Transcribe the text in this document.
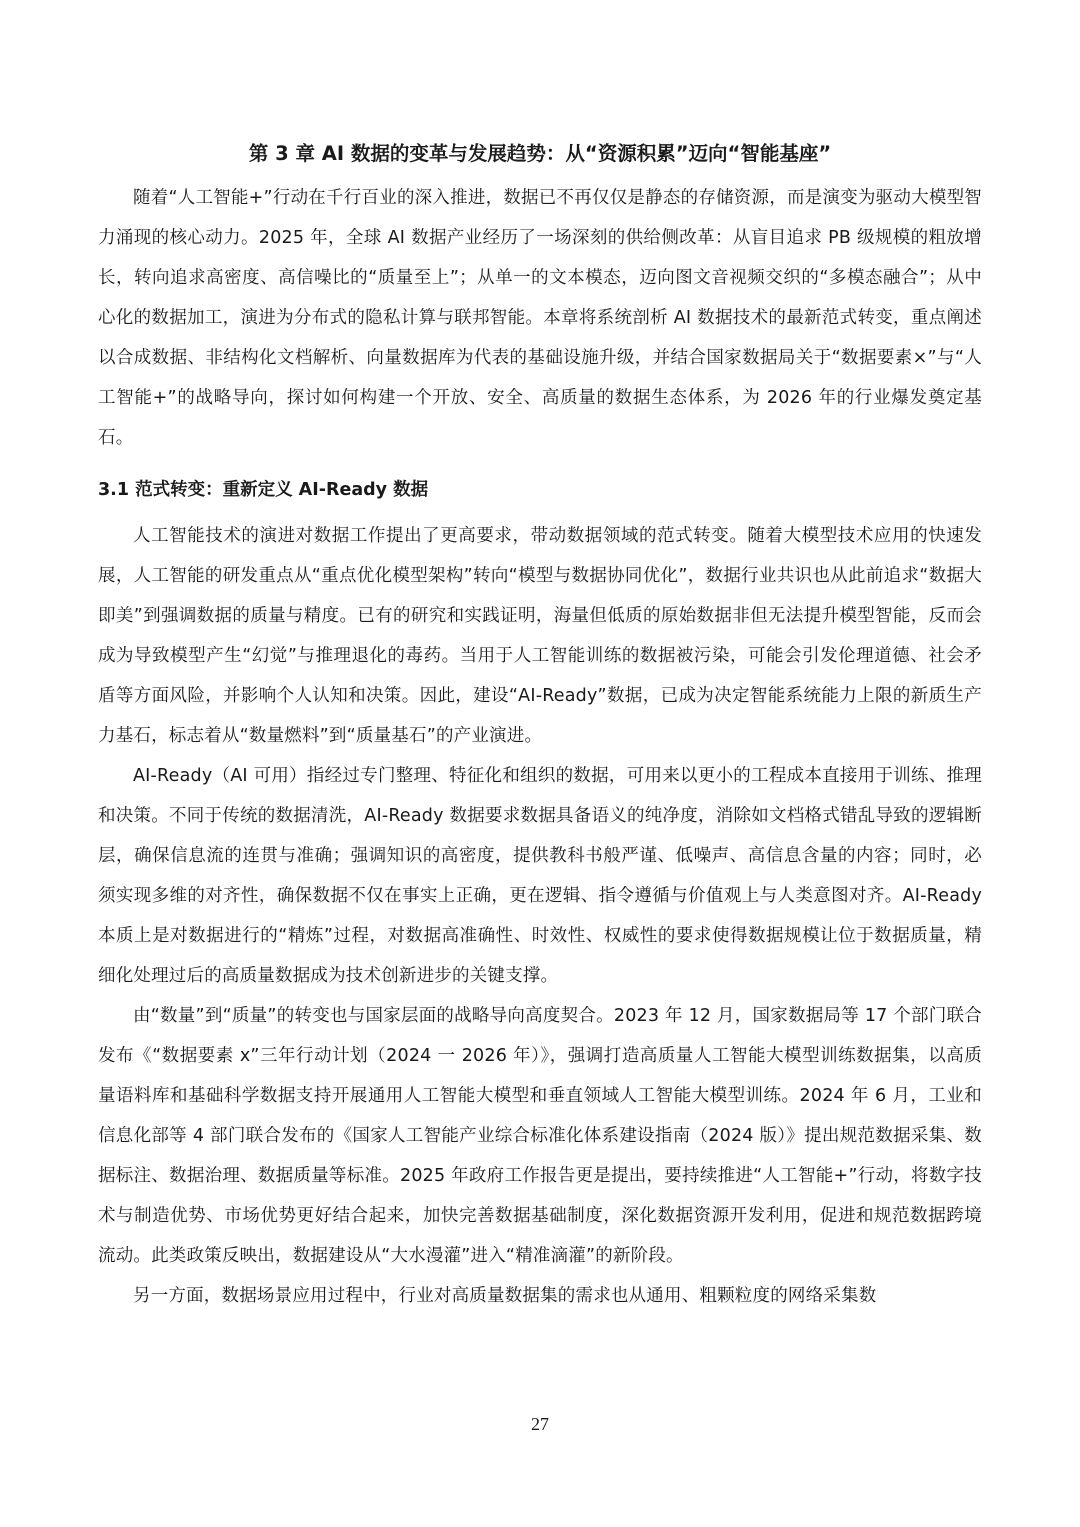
第 3 章 AI 数据的变革与发展趋势：从“资源积累”迈向“智能基座”

随着“人工智能+”行动在千行百业的深入推进，数据已不再仅仅是静态的存储资源，而是演变为驱动大模型智力涌现的核心动力。2025 年，全球 AI 数据产业经历了一场深刻的供给侧改革：从盲目追求 PB 级规模的粗放增长，转向追求高密度、高信噪比的“质量至上”；从单一的文本模态，迈向图文音视频交织的“多模态融合”；从中心化的数据加工，演进为分布式的隐私计算与联邦智能。本章将系统剖析 AI 数据技术的最新范式转变，重点阐述以合成数据、非结构化文档解析、向量数据库为代表的基础设施升级，并结合国家数据局关于“数据要素×”与“人工智能+”的战略导向，探讨如何构建一个开放、安全、高质量的数据生态体系，为 2026 年的行业爆发奠定基石。

3.1 范式转变：重新定义 AI-Ready 数据

人工智能技术的演进对数据工作提出了更高要求，带动数据领域的范式转变。随着大模型技术应用的快速发展，人工智能的研发重点从“重点优化模型架构”转向“模型与数据协同优化”，数据行业共识也从此前追求“数据大即美”到强调数据的质量与精度。已有的研究和实践证明，海量但低质的原始数据非但无法提升模型智能，反而会成为导致模型产生“幻觉”与推理退化的毒药。当用于人工智能训练的数据被污染，可能会引发伦理道德、社会矛盾等方面风险，并影响个人认知和决策。因此，建设“AI-Ready”数据，已成为决定智能系统能力上限的新质生产力基石，标志着从“数量燃料”到“质量基石”的产业演进。

AI-Ready（AI 可用）指经过专门整理、特征化和组织的数据，可用来以更小的工程成本直接用于训练、推理和决策。不同于传统的数据清洗，AI-Ready 数据要求数据具备语义的纯净度，消除如文档格式错乱导致的逻辑断层，确保信息流的连贯与准确；强调知识的高密度，提供教科书般严谨、低噪声、高信息含量的内容；同时，必须实现多维的对齐性，确保数据不仅在事实上正确，更在逻辑、指令遵循与价值观上与人类意图对齐。AI-Ready 本质上是对数据进行的“精炼”过程，对数据高准确性、时效性、权威性的要求使得数据规模让位于数据质量，精细化处理过后的高质量数据成为技术创新进步的关键支撑。

由“数量”到“质量”的转变也与国家层面的战略导向高度契合。2023 年 12 月，国家数据局等 17 个部门联合发布《“数据要素 x”三年行动计划（2024 一 2026 年）》，强调打造高质量人工智能大模型训练数据集，以高质量语料库和基础科学数据支持开展通用人工智能大模型和垂直领域人工智能大模型训练。2024 年 6 月，工业和信息化部等 4 部门联合发布的《国家人工智能产业综合标准化体系建设指南（2024 版）》提出规范数据采集、数据标注、数据治理、数据质量等标准。2025 年政府工作报告更是提出，要持续推进“人工智能+”行动，将数字技术与制造优势、市场优势更好结合起来，加快完善数据基础制度，深化数据资源开发利用，促进和规范数据跨境流动。此类政策反映出，数据建设从“大水漫灌”进入“精准滴灌”的新阶段。

另一方面，数据场景应用过程中，行业对高质量数据集的需求也从通用、粗颗粒度的网络采集数

27
